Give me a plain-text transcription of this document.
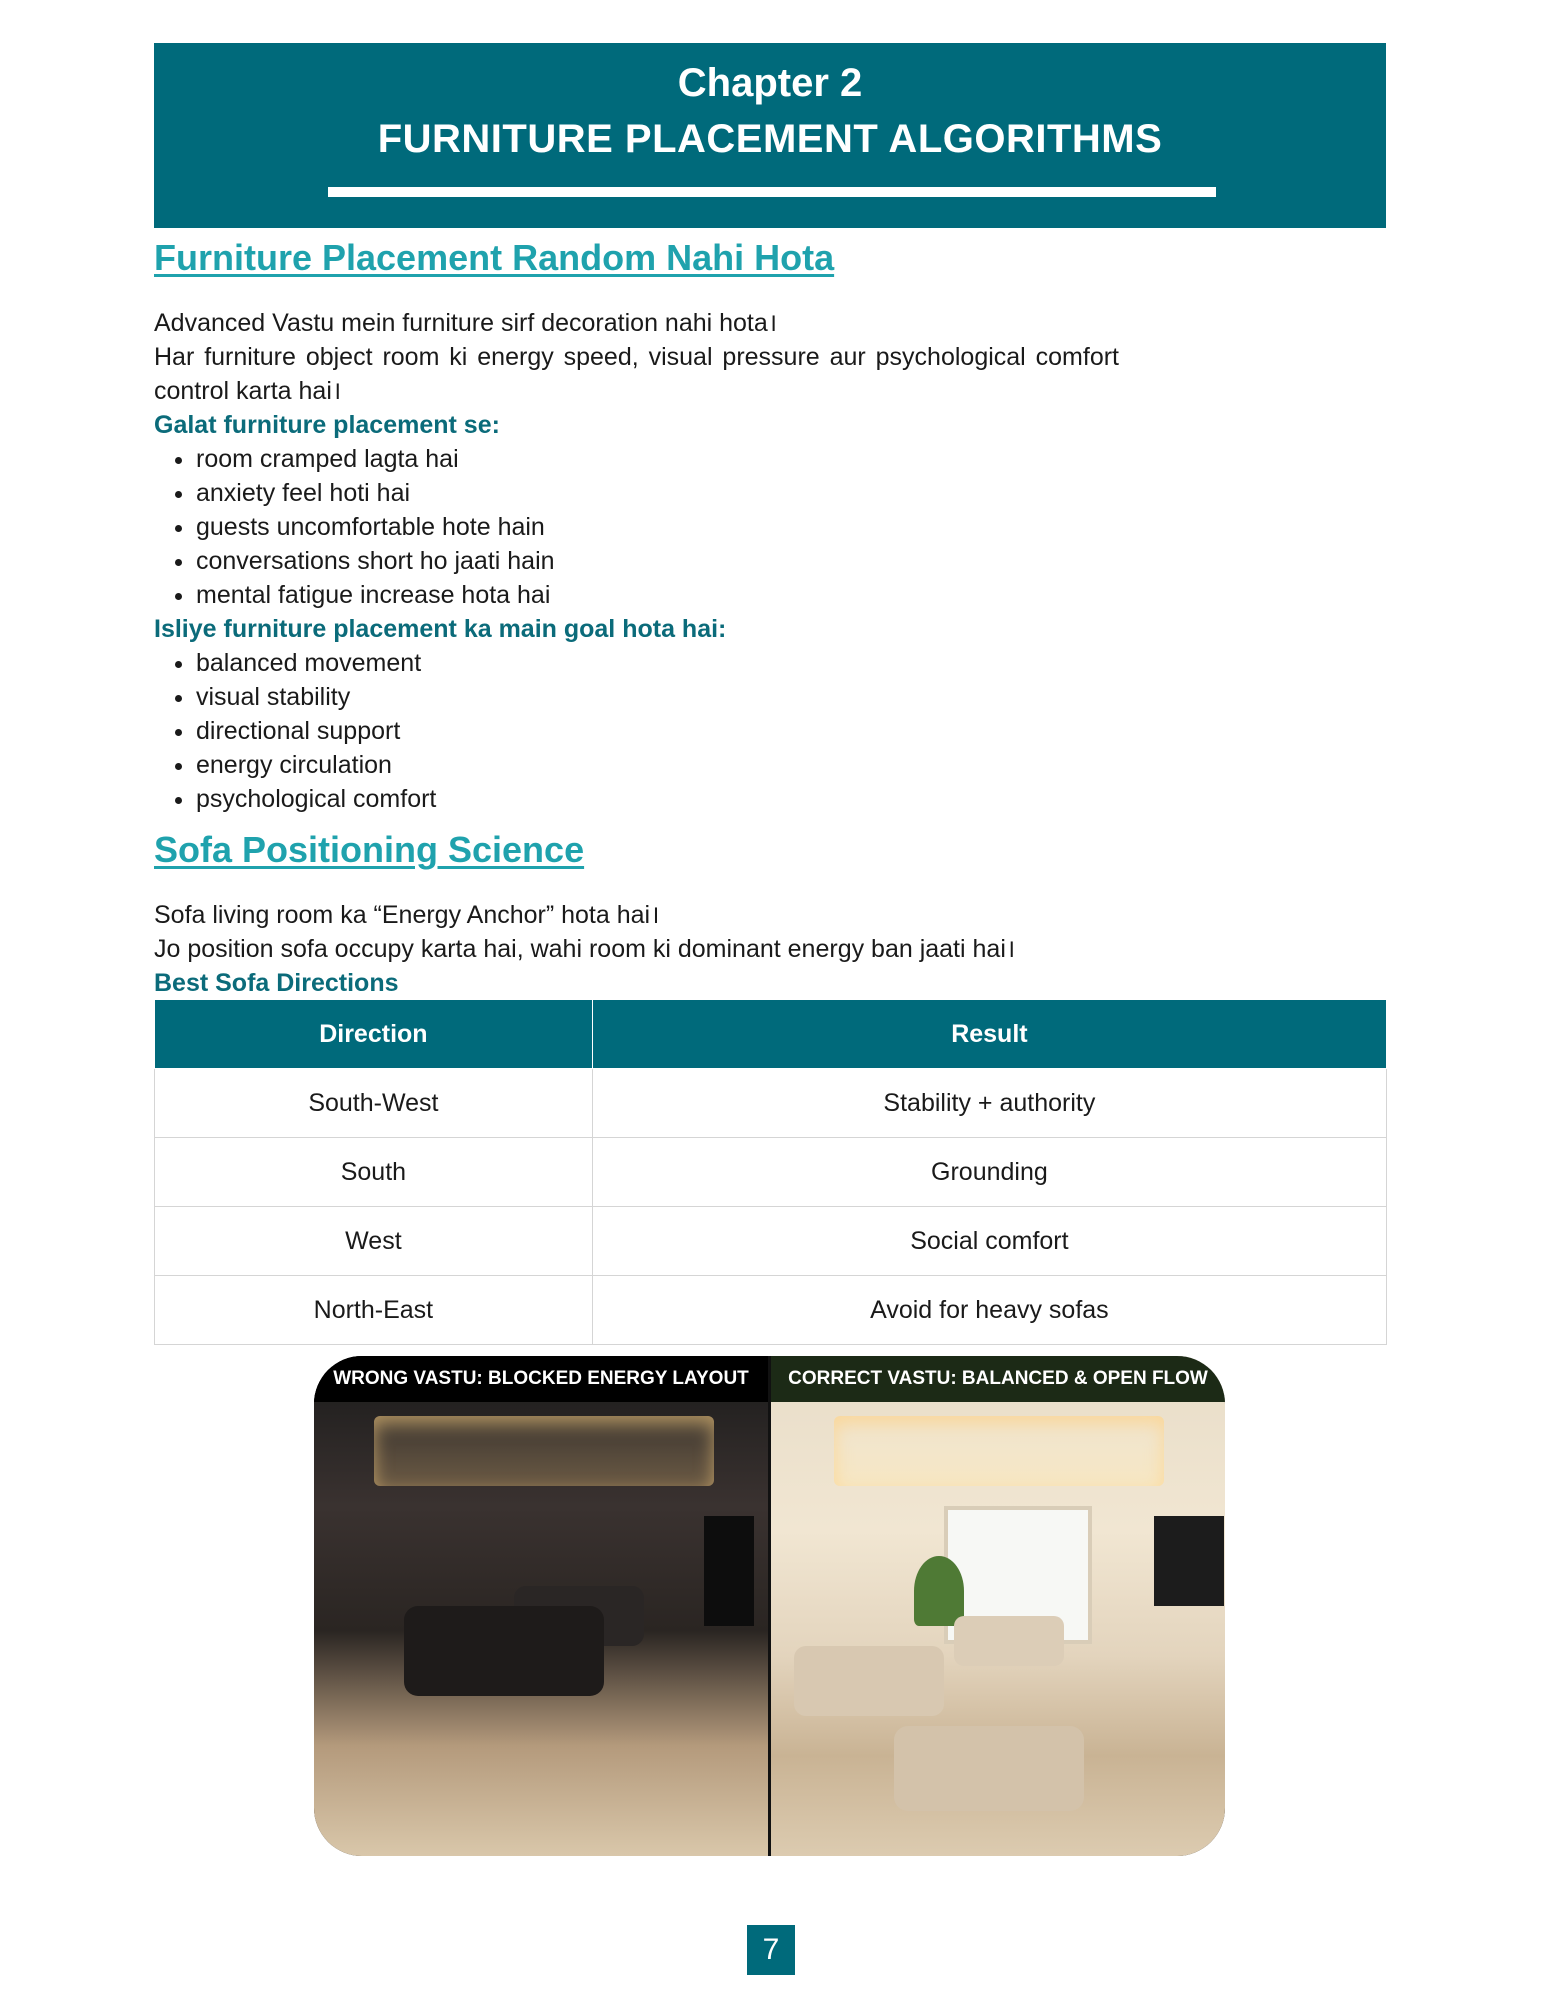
Chapter 2
FURNITURE PLACEMENT ALGORITHMS
Furniture Placement Random Nahi Hota

Advanced Vastu mein furniture sirf decoration nahi hota।

Har furniture object room ki energy speed, visual pressure aur psychological comfort control karta hai।

Galat furniture placement se:
• room cramped lagta hai
• anxiety feel hoti hai
• guests uncomfortable hote hain
• conversations short ho jaati hain
• mental fatigue increase hota hai
Isliye furniture placement ka main goal hota hai:
• balanced movement
• visual stability
• directional support
• energy circulation
• psychological comfort
Sofa Positioning Science

Sofa living room ka “Energy Anchor” hota hai।

Jo position sofa occupy karta hai, wahi room ki dominant energy ban jaati hai।

Best Sofa Directions
Direction	Result
South-West	Stability + authority
South	Grounding
West	Social comfort
North-East	Avoid for heavy sofas
WRONG VASTU: BLOCKED ENERGY LAYOUT	CORRECT VASTU: BALANCED & OPEN FLOW
7
